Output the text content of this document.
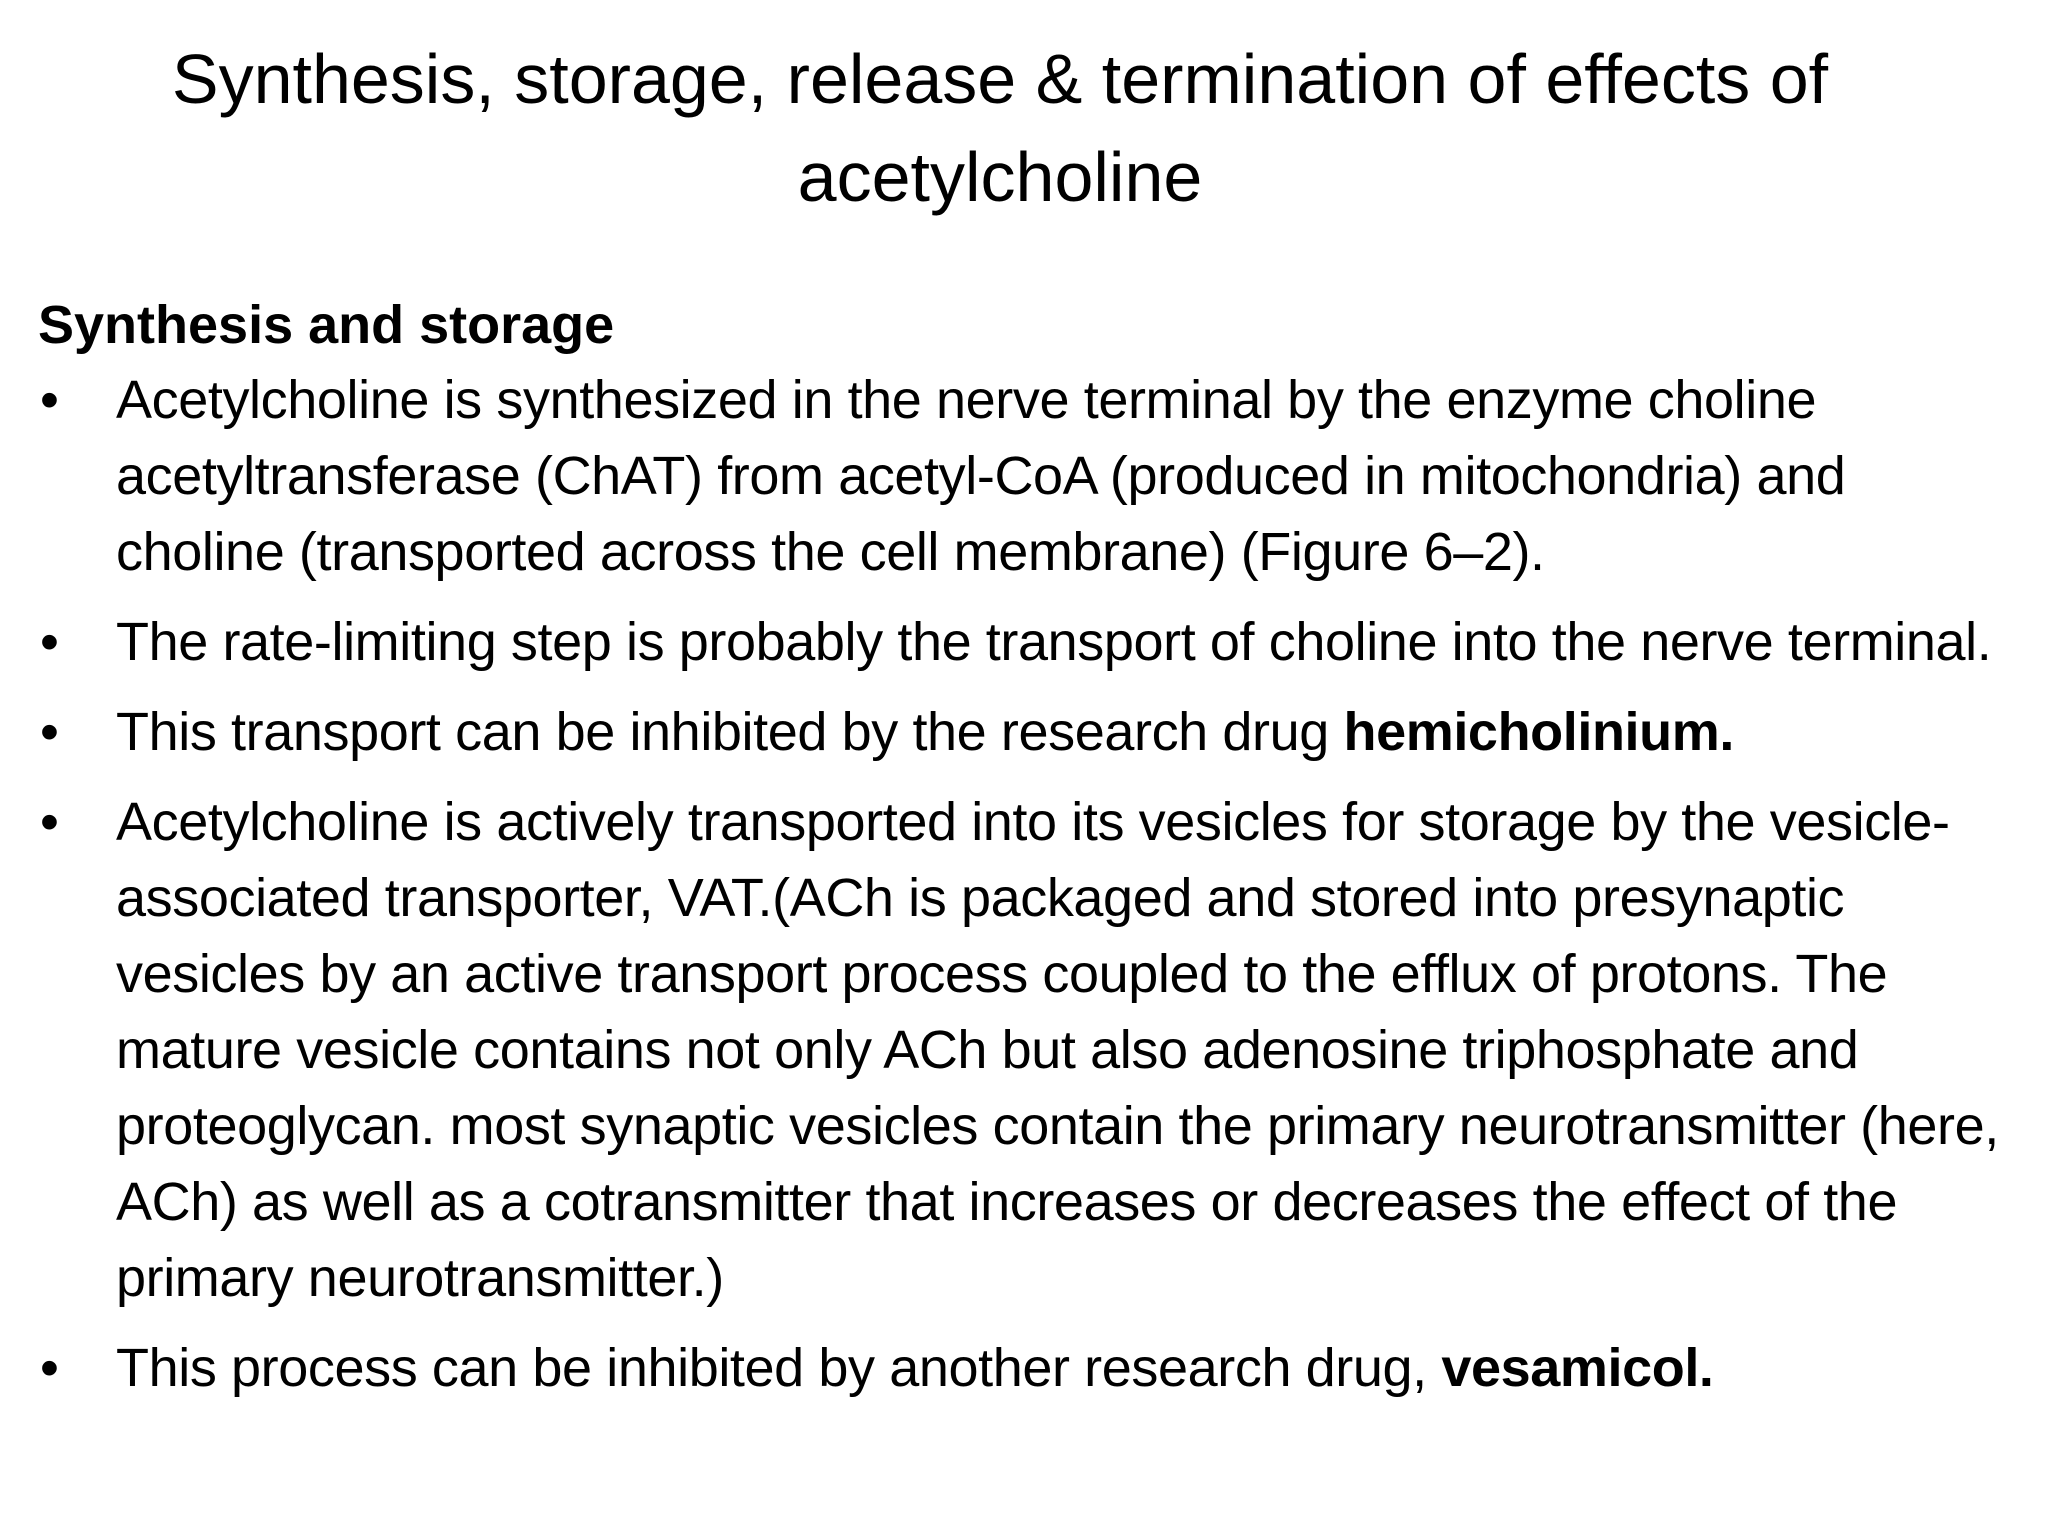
Synthesis, storage, release & termination of effects of acetylcholine
Synthesis and storage
•	Acetylcholine is synthesized in the nerve terminal by the enzyme choline acetyltransferase (ChAT) from acetyl-CoA (produced in mitochondria) and choline (transported across the cell membrane) (Figure 6–2).
•	The rate-limiting step is probably the transport of choline into the nerve terminal.
•	This transport can be inhibited by the research drug hemicholinium.
•	Acetylcholine is actively transported into its vesicles for storage by the vesicle-associated transporter, VAT.(ACh is packaged and stored into presynaptic vesicles by an active transport process coupled to the efflux of protons. The mature vesicle contains not only ACh but also adenosine triphosphate and proteoglycan. most synaptic vesicles contain the primary neurotransmitter (here, ACh) as well as a cotransmitter that increases or decreases the effect of the primary neurotransmitter.)
•	This process can be inhibited by another research drug, vesamicol.
